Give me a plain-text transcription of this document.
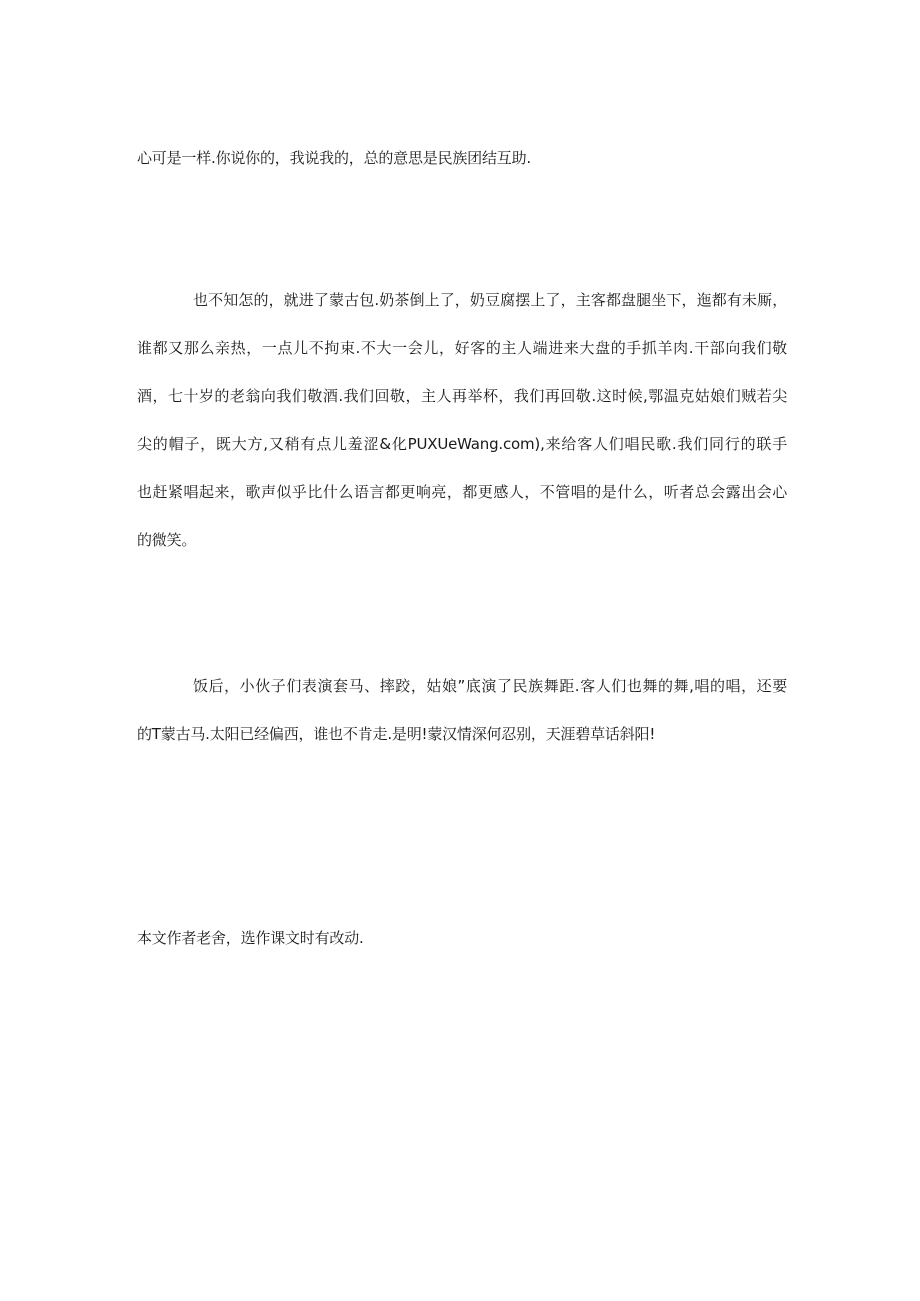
心可是一样.你说你的，我说我的，总的意思是民族团结互助.
也不知怎的，就进了蒙古包.奶茶倒上了，奶豆腐摆上了，主客都盘腿坐下，迤都有未厮，
谁都又那么亲热，一点儿不拘束.不大一会儿，好客的主人端进来大盘的手抓羊肉.干部向我们敬
酒，七十岁的老翁向我们敬酒.我们回敬，主人再举杯，我们再回敬.这时候,鄂温克姑娘们贼若尖
尖的帽子，既大方,又稍有点儿羞涩&化PUXUeWang.com),来给客人们唱民歌.我们同行的联手
也赶紧唱起来，歌声似乎比什么语言都更响亮，都更感人，不管唱的是什么，听者总会露出会心
的微笑。
饭后，小伙子们表演套马、摔跤，姑娘”底演了民族舞距.客人们也舞的舞,唱的唱，还要
的T蒙古马.太阳已经偏西，谁也不肯走.是明!蒙汉情深何忍别，天涯碧草话斜阳!
本文作者老舍，选作课文时有改动.
